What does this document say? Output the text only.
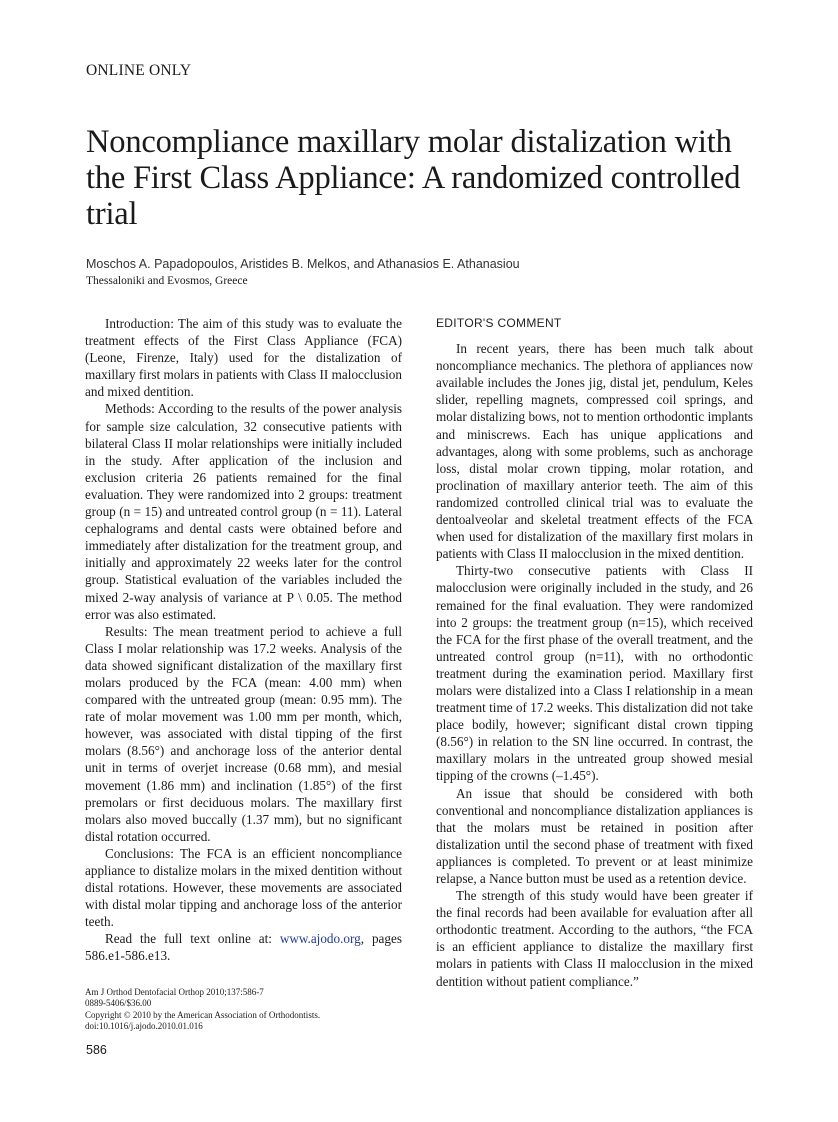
ONLINE ONLY
Noncompliance maxillary molar distalization with the First Class Appliance: A randomized controlled trial
Moschos A. Papadopoulos, Aristides B. Melkos, and Athanasios E. Athanasiou
Thessaloniki and Evosmos, Greece

Introduction: The aim of this study was to evaluate the treatment effects of the First Class Appliance (FCA) (Leone, Firenze, Italy) used for the distalization of maxillary first molars in patients with Class II malocclusion and mixed dentition.

Methods: According to the results of the power analysis for sample size calculation, 32 consecutive patients with bilateral Class II molar relationships were initially included in the study. After application of the inclusion and exclusion criteria 26 patients remained for the final evaluation. They were randomized into 2 groups: treatment group (n = 15) and untreated control group (n = 11). Lateral cephalograms and dental casts were obtained before and immediately after distalization for the treatment group, and initially and approximately 22 weeks later for the control group. Statistical evaluation of the variables included the mixed 2-way analysis of variance at P \ 0.05. The method error was also estimated.

Results: The mean treatment period to achieve a full Class I molar relationship was 17.2 weeks. Analysis of the data showed significant distalization of the maxillary first molars produced by the FCA (mean: 4.00 mm) when compared with the untreated group (mean: 0.95 mm). The rate of molar movement was 1.00 mm per month, which, however, was associated with distal tipping of the first molars (8.56°) and anchorage loss of the anterior dental unit in terms of overjet increase (0.68 mm), and mesial movement (1.86 mm) and inclination (1.85°) of the first premolars or first deciduous molars. The maxillary first molars also moved buccally (1.37 mm), but no significant distal rotation occurred.

Conclusions: The FCA is an efficient noncompliance appliance to distalize molars in the mixed dentition without distal rotations. However, these movements are associated with distal molar tipping and anchorage loss of the anterior teeth.

Read the full text online at: www.ajodo.org, pages 586.e1-586.e13.

Am J Orthod Dentofacial Orthop 2010;137:586-7
0889-5406/$36.00
Copyright © 2010 by the American Association of Orthodontists.
doi:10.1016/j.ajodo.2010.01.016
EDITOR'S COMMENT

In recent years, there has been much talk about noncompliance mechanics. The plethora of appliances now available includes the Jones jig, distal jet, pendulum, Keles slider, repelling magnets, compressed coil springs, and molar distalizing bows, not to mention orthodontic implants and miniscrews. Each has unique applications and advantages, along with some problems, such as anchorage loss, distal molar crown tipping, molar rotation, and proclination of maxillary anterior teeth. The aim of this randomized controlled clinical trial was to evaluate the dentoalveolar and skeletal treatment effects of the FCA when used for distalization of the maxillary first molars in patients with Class II malocclusion in the mixed dentition.

Thirty-two consecutive patients with Class II malocclusion were originally included in the study, and 26 remained for the final evaluation. They were randomized into 2 groups: the treatment group (n=15), which received the FCA for the first phase of the overall treatment, and the untreated control group (n=11), with no orthodontic treatment during the examination period. Maxillary first molars were distalized into a Class I relationship in a mean treatment time of 17.2 weeks. This distalization did not take place bodily, however; significant distal crown tipping (8.56°) in relation to the SN line occurred. In contrast, the maxillary molars in the untreated group showed mesial tipping of the crowns (–1.45°).

An issue that should be considered with both conventional and noncompliance distalization appliances is that the molars must be retained in position after distalization until the second phase of treatment with fixed appliances is completed. To prevent or at least minimize relapse, a Nance button must be used as a retention device.

The strength of this study would have been greater if the final records had been available for evaluation after all orthodontic treatment. According to the authors, “the FCA is an efficient appliance to distalize the maxillary first molars in patients with Class II malocclusion in the mixed dentition without patient compliance.”

586
